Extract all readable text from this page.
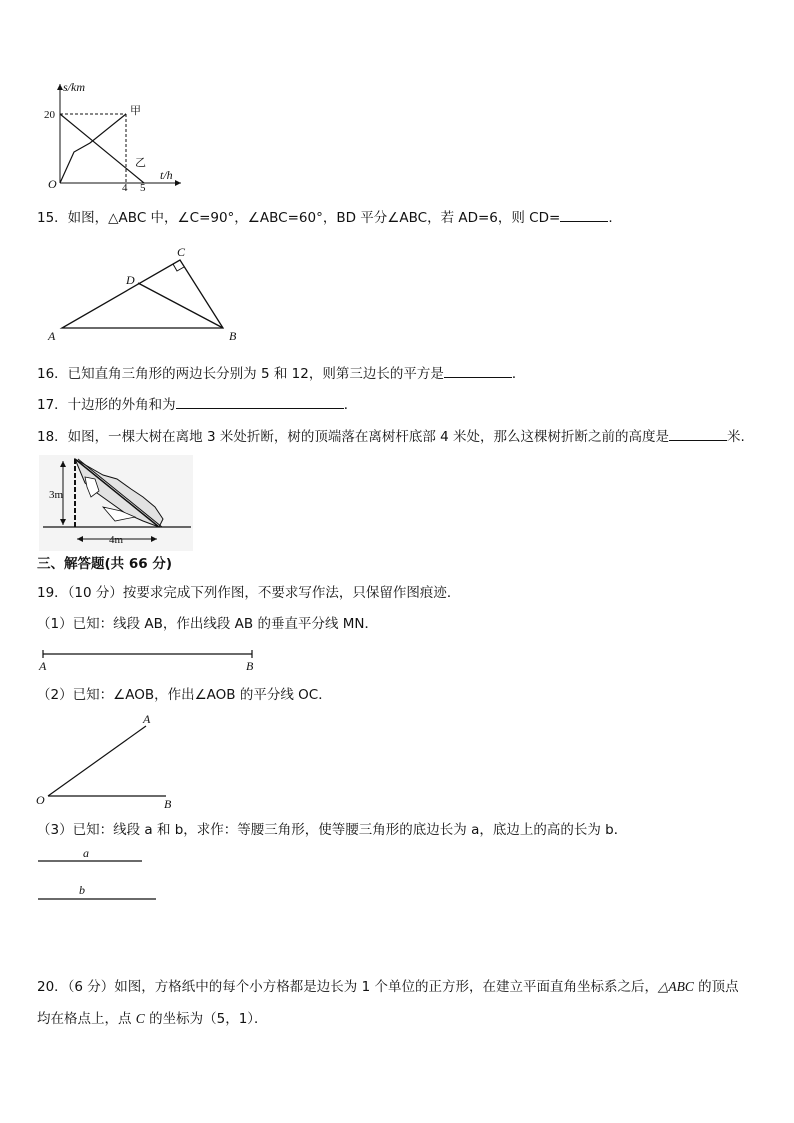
s/km
20
O	4 5
t/h
甲
乙
15．如图，△ABC 中，∠C=90°，∠ABC=60°，BD 平分∠ABC，若 AD=6，则 CD=	.
A	B
C
D
16．已知直角三角形的两边长分别为 5 和 12，则第三边长的平方是	．
17．十边形的外角和为	．
18．如图，一棵大树在离地 3 米处折断，树的顶端落在离树杆底部 4 米处，那么这棵树折断之前的高度是	米.
3m
4m
三、解答题(共 66 分)
19．（10 分）按要求完成下列作图，不要求写作法，只保留作图痕迹．
（1）已知：线段 AB，作出线段 AB 的垂直平分线 MN．
A	B
（2）已知：∠AOB，作出∠AOB 的平分线 OC．
A
O	B
（3）已知：线段 a 和 b，求作：等腰三角形，使等腰三角形的底边长为 a，底边上的高的长为 b．
a
b
20．（6 分）如图，方格纸中的每个小方格都是边长为 1 个单位的正方形，在建立平面直角坐标系之后，△ABC 的顶点
均在格点上，点 C 的坐标为（5，1）．
